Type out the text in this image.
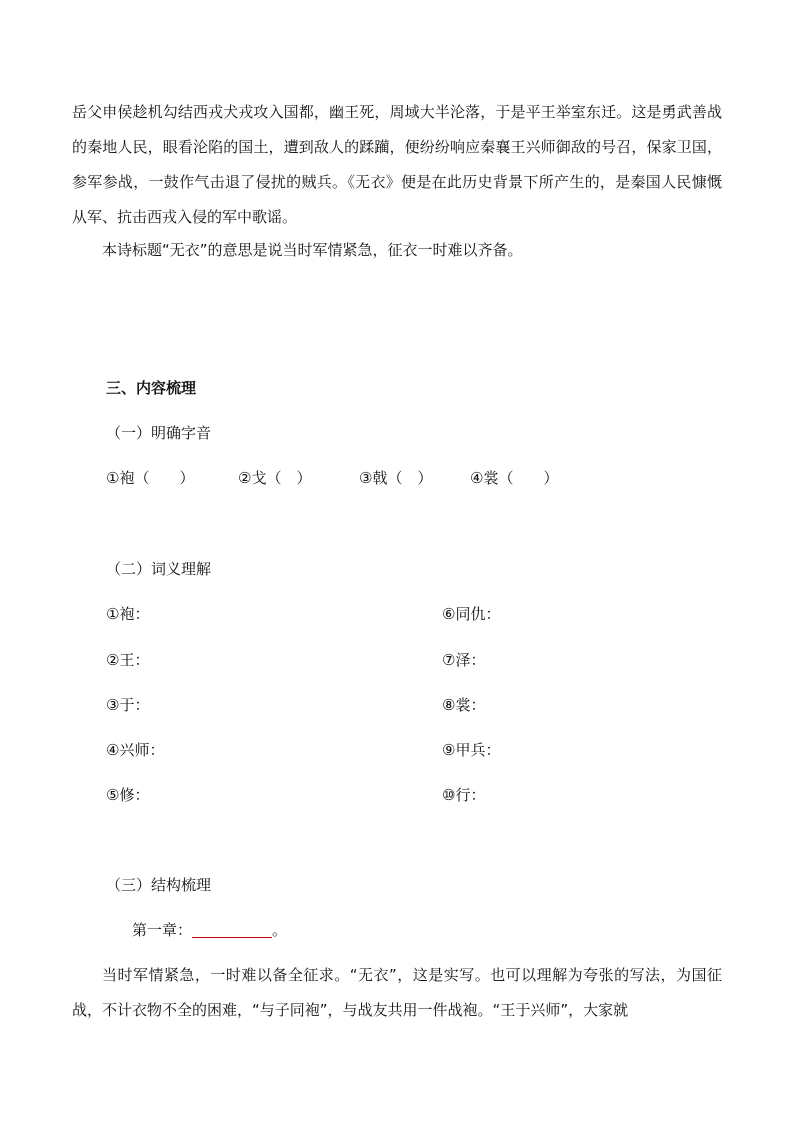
岳父申侯趁机勾结西戎犬戎攻入国都，幽王死，周域大半沦落，于是平王举室东迁。这是勇武善战的秦地人民，眼看沦陷的国土，遭到敌人的蹂躏，便纷纷响应秦襄王兴师御敌的号召，保家卫国，参军参战，一鼓作气击退了侵扰的贼兵。《无衣》便是在此历史背景下所产生的，是秦国人民慷慨从军、抗击西戎入侵的军中歌谣。

本诗标题“无衣”的意思是说当时军情紧急，征衣一时难以齐备。

三、内容梳理
（一）明确字音
①袍（　　）	②戈（　）	③戟（　）	④裳（　　）
（二）词义理解
①袍：	⑥同仇：
②王：	⑦泽：
③于：	⑧裳：
④兴师：	⑨甲兵：
⑤修：	⑩行：
（三）结构梳理
第一章：	。

当时军情紧急，一时难以备全征求。“无衣”，这是实写。也可以理解为夸张的写法，为国征战，不计衣物不全的困难，“与子同袍”，与战友共用一件战袍。“王于兴师”，大家就
